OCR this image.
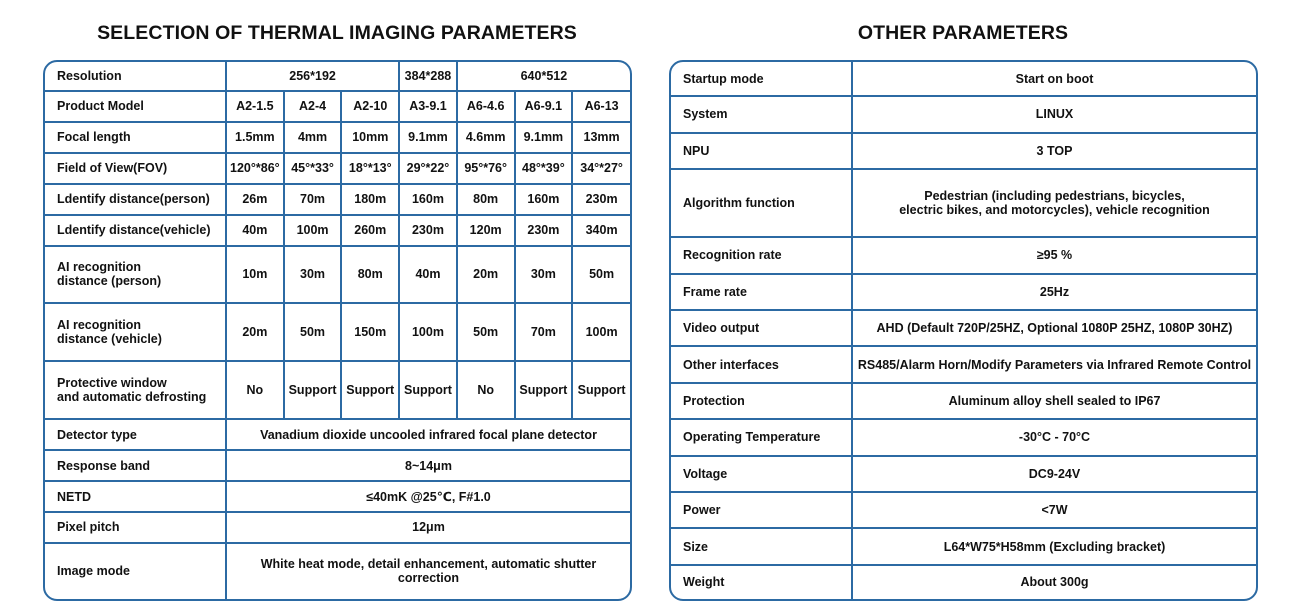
SELECTION OF THERMAL IMAGING PARAMETERS	OTHER PARAMETERS
Resolution	256*192			384*288	640*512		
Product Model	A2-1.5	A2-4	A2-10	A3-9.1	A6-4.6	A6-9.1	A6-13
Focal length	1.5mm	4mm	10mm	9.1mm	4.6mm	9.1mm	13mm
Field of View(FOV)	120°*86°	45°*33°	18°*13°	29°*22°	95°*76°	48°*39°	34°*27°
Ldentify distance(person)	26m	70m	180m	160m	80m	160m	230m
Ldentify distance(vehicle)	40m	100m	260m	230m	120m	230m	340m
AI recognition
distance (person)	10m	30m	80m	40m	20m	30m	50m
AI recognition
distance (vehicle)	20m	50m	150m	100m	50m	70m	100m
Protective window
and automatic defrosting	No	Support	Support	Support	No	Support	Support
Detector type	Vanadium dioxide uncooled infrared focal plane detector						
Response band	8~14μm						
NETD	≤40mK @25℃, F#1.0						
Pixel pitch	12μm						
Image mode	White heat mode, detail enhancement, automatic shutter correction						
Startup mode	Start on boot
System	LINUX
NPU	3 TOP
Algorithm function	Pedestrian (including pedestrians, bicycles,
electric bikes, and motorcycles), vehicle recognition
Recognition rate	≥95 %
Frame rate	25Hz
Video output	AHD (Default 720P/25HZ, Optional 1080P 25HZ, 1080P 30HZ)
Other interfaces	RS485/Alarm Horn/Modify Parameters via Infrared Remote Control
Protection	Aluminum alloy shell sealed to IP67
Operating Temperature	-30°C - 70°C
Voltage	DC9-24V
Power	<7W
Size	L64*W75*H58mm (Excluding bracket)
Weight	About 300g
